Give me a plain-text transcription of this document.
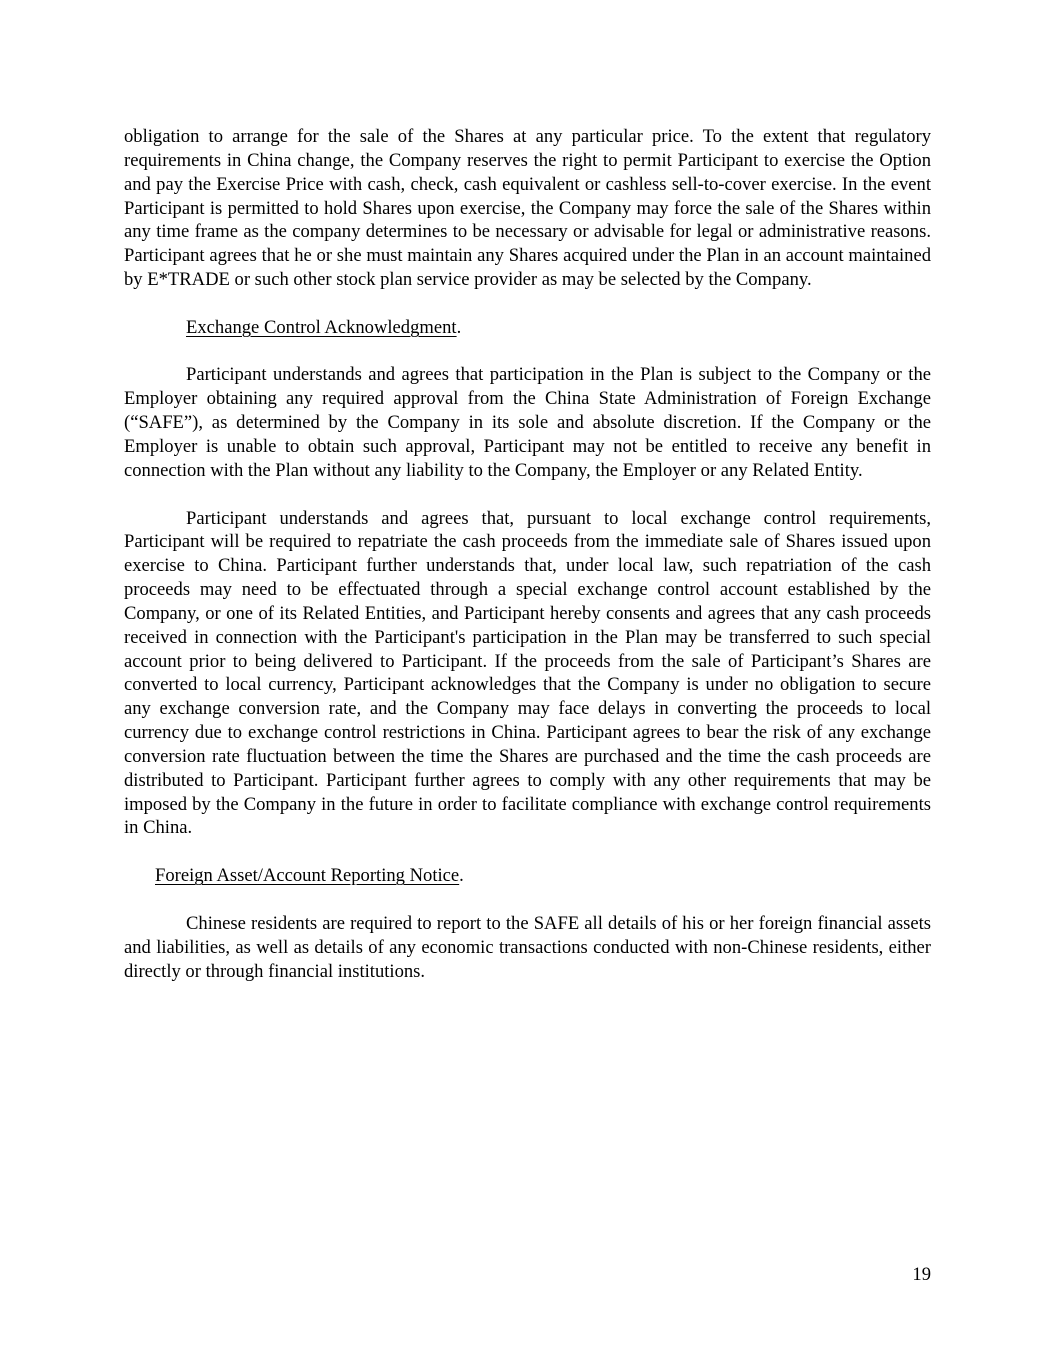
obligation to arrange for the sale of the Shares at any particular price. To the extent that regulatory requirements in China change, the Company reserves the right to permit Participant to exercise the Option and pay the Exercise Price with cash, check, cash equivalent or cashless sell-to-cover exercise. In the event Participant is permitted to hold Shares upon exercise, the Company may force the sale of the Shares within any time frame as the company determines to be necessary or advisable for legal or administrative reasons. Participant agrees that he or she must maintain any Shares acquired under the Plan in an account maintained by E*TRADE or such other stock plan service provider as may be selected by the Company.

Exchange Control Acknowledgment.

Participant understands and agrees that participation in the Plan is subject to the Company or the Employer obtaining any required approval from the China State Administration of Foreign Exchange (“SAFE”), as determined by the Company in its sole and absolute discretion. If the Company or the Employer is unable to obtain such approval, Participant may not be entitled to receive any benefit in connection with the Plan without any liability to the Company, the Employer or any Related Entity.

Participant understands and agrees that, pursuant to local exchange control requirements, Participant will be required to repatriate the cash proceeds from the immediate sale of Shares issued upon exercise to China. Participant further understands that, under local law, such repatriation of the cash proceeds may need to be effectuated through a special exchange control account established by the Company, or one of its Related Entities, and Participant hereby consents and agrees that any cash proceeds received in connection with the Participant's participation in the Plan may be transferred to such special account prior to being delivered to Participant. If the proceeds from the sale of Participant’s Shares are converted to local currency, Participant acknowledges that the Company is under no obligation to secure any exchange conversion rate, and the Company may face delays in converting the proceeds to local currency due to exchange control restrictions in China. Participant agrees to bear the risk of any exchange conversion rate fluctuation between the time the Shares are purchased and the time the cash proceeds are distributed to Participant. Participant further agrees to comply with any other requirements that may be imposed by the Company in the future in order to facilitate compliance with exchange control requirements in China.

Foreign Asset/Account Reporting Notice.

Chinese residents are required to report to the SAFE all details of his or her foreign financial assets and liabilities, as well as details of any economic transactions conducted with non-Chinese residents, either directly or through financial institutions.

19
